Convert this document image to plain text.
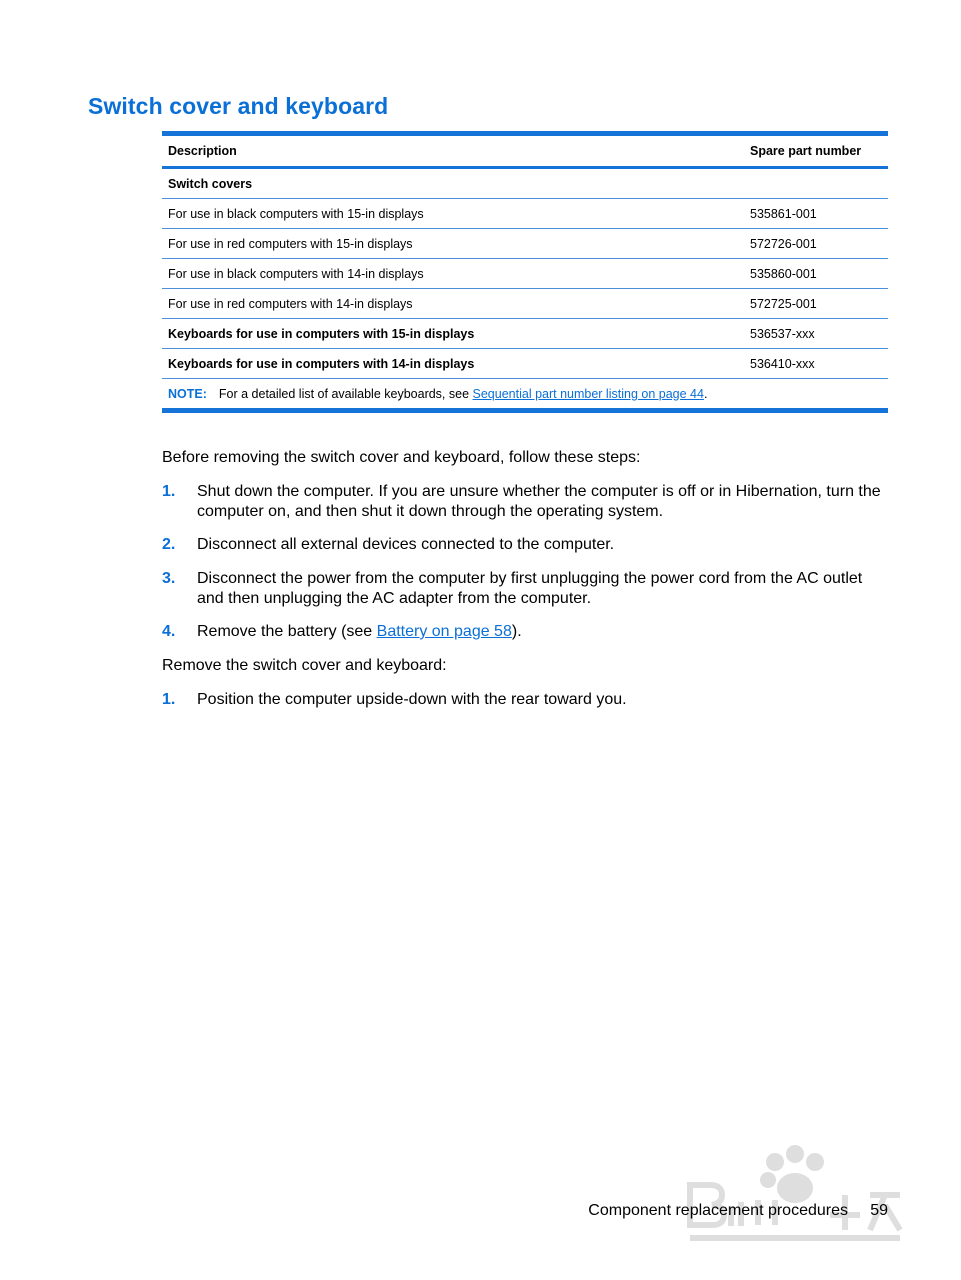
Switch cover and keyboard
Description	Spare part number
Switch covers	
For use in black computers with 15-in displays	535861-001
For use in red computers with 15-in displays	572726-001
For use in black computers with 14-in displays	535860-001
For use in red computers with 14-in displays	572725-001
Keyboards for use in computers with 15-in displays	536537-xxx
Keyboards for use in computers with 14-in displays	536410-xxx
NOTE: For a detailed list of available keyboards, see Sequential part number listing on page 44.	
Before removing the switch cover and keyboard, follow these steps:
1. Shut down the computer. If you are unsure whether the computer is off or in Hibernation, turn the computer on, and then shut it down through the operating system.
2. Disconnect all external devices connected to the computer.
3. Disconnect the power from the computer by first unplugging the power cord from the AC outlet and then unplugging the AC adapter from the computer.
4. Remove the battery (see Battery on page 58).
Remove the switch cover and keyboard:
1. Position the computer upside-down with the rear toward you.
Component replacement procedures 59
